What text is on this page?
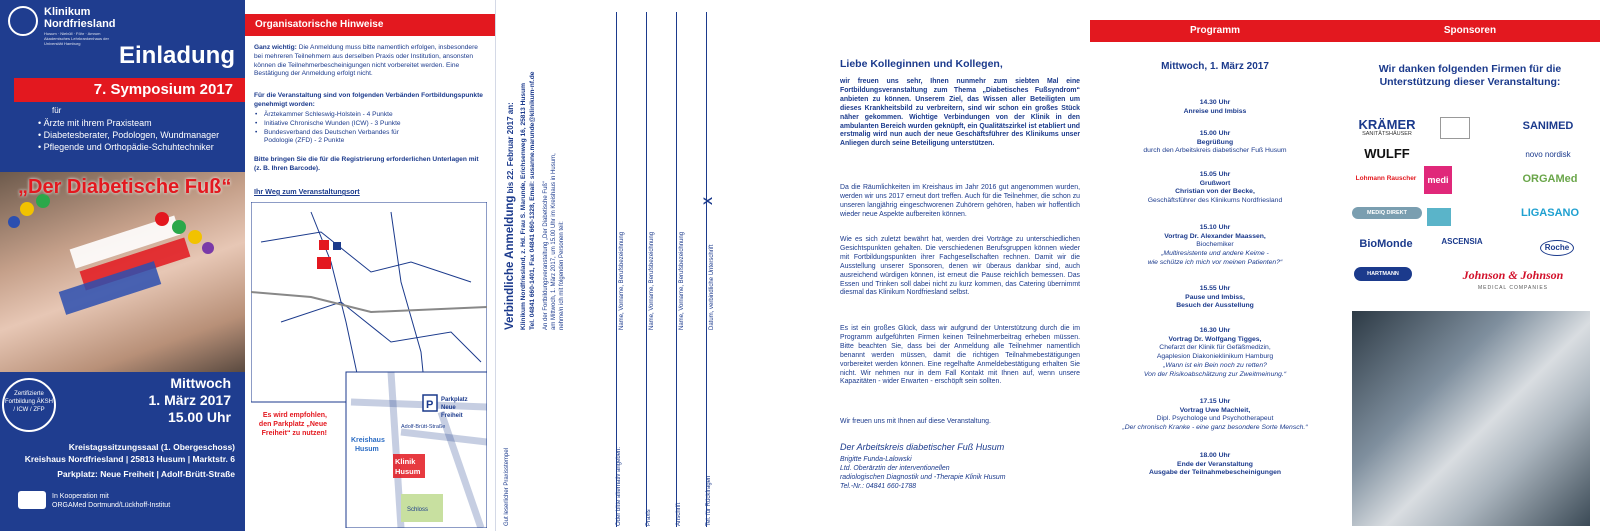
Klinikum
Nordfriesland
Husum · Niebüll · Föhr · Amrum
Akademisches Lehrkrankenhaus der Universität Hamburg	Einladung
7. Symposium 2017
für
• Ärzte mit ihrem Praxisteam
• Diabetesberater, Podologen, Wundmanager
• Pflegende und Orthopädie-Schuhtechniker
„Der Diabetische Fuß“
Zertifizierte Fortbildung ÄKSH / ICW / ZFP
Mittwoch
1. März 2017
15.00 Uhr
Kreistagssitzungssaal (1. Obergeschoss)
Kreishaus Nordfriesland | 25813 Husum | Marktstr. 6
Parkplatz: Neue Freiheit | Adolf-Brütt-Straße
In Kooperation mit
ORGAMed Dortmund/Lückhoff-Institut
Organisatorische Hinweise
Ganz wichtig: Die Anmeldung muss bitte namentlich erfolgen, insbesondere bei mehreren Teilnehmern aus derselben Praxis oder Institution, ansonsten können die Teilnehmerbescheinigungen nicht vorbereitet werden. Eine Bestätigung der Anmeldung erfolgt nicht.
Für die Veranstaltung sind von folgenden Verbänden Fortbildungspunkte genehmigt worden:
• Ärztekammer Schleswig-Holstein - 4 Punkte
• Initiative Chronische Wunden (ICW) - 3 Punkte
• Bundesverband des Deutschen Verbandes für Podologie (ZFD) - 2 Punkte
Bitte bringen Sie die für die Registrierung erforderlichen Unterlagen mit (z. B. Ihren Barcode).
Ihr Weg zum Veranstaltungsort
P Parkplatz
Neue
Freiheit
Kreishaus
Husum
Klinik
Husum
Schloss
Adolf-Brütt-Straße
Es wird empfohlen, den Parkplatz „Neue Freiheit“ zu nutzen!
Verbindliche Anmeldung bis 22. Februar 2017 an: Klinikum Nordfriesland, z. Hd. Frau S. Marunde, Erichsenweg 16, 25813 Husum Tel. 04841 660-1401, Fax 04841 660-1328, Email: susanne.marunde@klinikum-nf.de An der Fortbildungsveranstaltung „Der Diabetische Fuß“ am Mittwoch, 1. März 2017, um 15.00 Uhr im Kreishaus in Husum, nehme/n ich mit folgenden Personen teil:	Name, Vorname, Berufsbezeichnung	Name, Vorname, Berufsbezeichnung	Name, Vorname, Berufsbezeichnung	Datum, verbindliche Unterschrift
X
Gut leserlicher Praxisstempel	Oder bitte alternativ angeben:	Praxis	Anschrift	Tel. für Rückfragen
Liebe Kolleginnen und Kollegen,
wir freuen uns sehr, Ihnen nunmehr zum siebten Mal eine Fortbildungsveranstaltung zum Thema „Diabetisches Fußsyndrom“ anbieten zu können. Unserem Ziel, das Wissen aller Beteiligten um dieses Krankheitsbild zu verbreitern, sind wir schon ein großes Stück näher gekommen. Wichtige Verbindungen von der Klinik in den ambulanten Bereich wurden geknüpft, ein Qualitätszirkel ist etabliert und erstmalig wird nun auch der neue Geschäftsführer des Klinikums unser Anliegen durch seine Beteiligung unterstützen.
Da die Räumlichkeiten im Kreishaus im Jahr 2016 gut angenommen wurden, werden wir uns 2017 erneut dort treffen. Auch für die Teilnehmer, die schon zu unseren langjährig eingeschworenen Zuhörern gehören, haben wir hoffentlich wieder neue Aspekte aufbereiten können.
Wie es sich zuletzt bewährt hat, werden drei Vorträge zu unterschiedlichen Gesichtspunkten gehalten. Die verschiedenen Berufsgruppen können wieder mit Fortbildungspunkten ihrer Fachgesellschaften rechnen. Damit wir die Ausstellung unserer Sponsoren, denen wir überaus dankbar sind, auch ausreichend würdigen können, ist erneut die Pause reichlich bemessen. Das Essen und Trinken soll dabei nicht zu kurz kommen, das Catering übernimmt diesmal das Klinikum Nordfriesland selbst.
Es ist ein großes Glück, dass wir aufgrund der Unterstützung durch die im Programm aufgeführten Firmen keinen Teilnehmerbeitrag erheben müssen. Bitte beachten Sie, dass bei der Anmeldung alle Teilnehmer namentlich benannt werden müssen, damit die richtigen Teilnahmebestätigungen vorbereitet werden können. Eine regelhafte Anmeldebestätigung erhalten Sie nicht. Wir nehmen nur in dem Fall Kontakt mit Ihnen auf, wenn unsere Kapazitäten - wider Erwarten - erschöpft sein sollten.
Wir freuen uns mit Ihnen auf diese Veranstaltung.
Der Arbeitskreis diabetischer Fuß Husum
Brigitte Funda-Lalowski
Ltd. Oberärztin der interventionellen
radiologischen Diagnostik und -Therapie Klinik Husum
Tel.-Nr.: 04841 660-1788
Programm
Mittwoch, 1. März 2017
14.30 Uhr
Anreise und Imbiss
15.00 Uhr
Begrüßung
durch den Arbeitskreis diabetischer Fuß Husum
15.05 Uhr
Grußwort
Christian von der Becke,
Geschäftsführer des Klinikums Nordfriesland
15.10 Uhr
Vortrag Dr. Alexander Maassen,
Biochemiker
„Multiresistente und andere Keime -
wie schütze ich mich vor meinen Patienten?“
15.55 Uhr
Pause und Imbiss,
Besuch der Ausstellung
16.30 Uhr
Vortrag Dr. Wolfgang Tigges,
Chefarzt der Klinik für Gefäßmedizin,
Agaplesion Diakonieklinikum Hamburg
„Wann ist ein Bein noch zu retten?
Von der Risikoabschätzung zur Zweitmeinung.“
17.15 Uhr
Vortrag Uwe Machleit,
Dipl. Psychologe und Psychotherapeut
„Der chronisch Kranke - eine ganz besondere Sorte Mensch.“
18.00 Uhr
Ende der Veranstaltung
Ausgabe der Teilnahmebescheinigungen
Sponsoren
Wir danken folgenden Firmen für die Unterstützung dieser Veranstaltung:
KRÄMER
SANITÄTSHÄUSER
SANIMED
WULFF	novo nordisk
Lohmann Rauscher	medi	ORGAMed
MEDIQ DIREKT	LIGASANO
BioMonde	ASCENSIA
Roche
HARTMANN	Johnson & Johnson
MEDICAL COMPANIES
